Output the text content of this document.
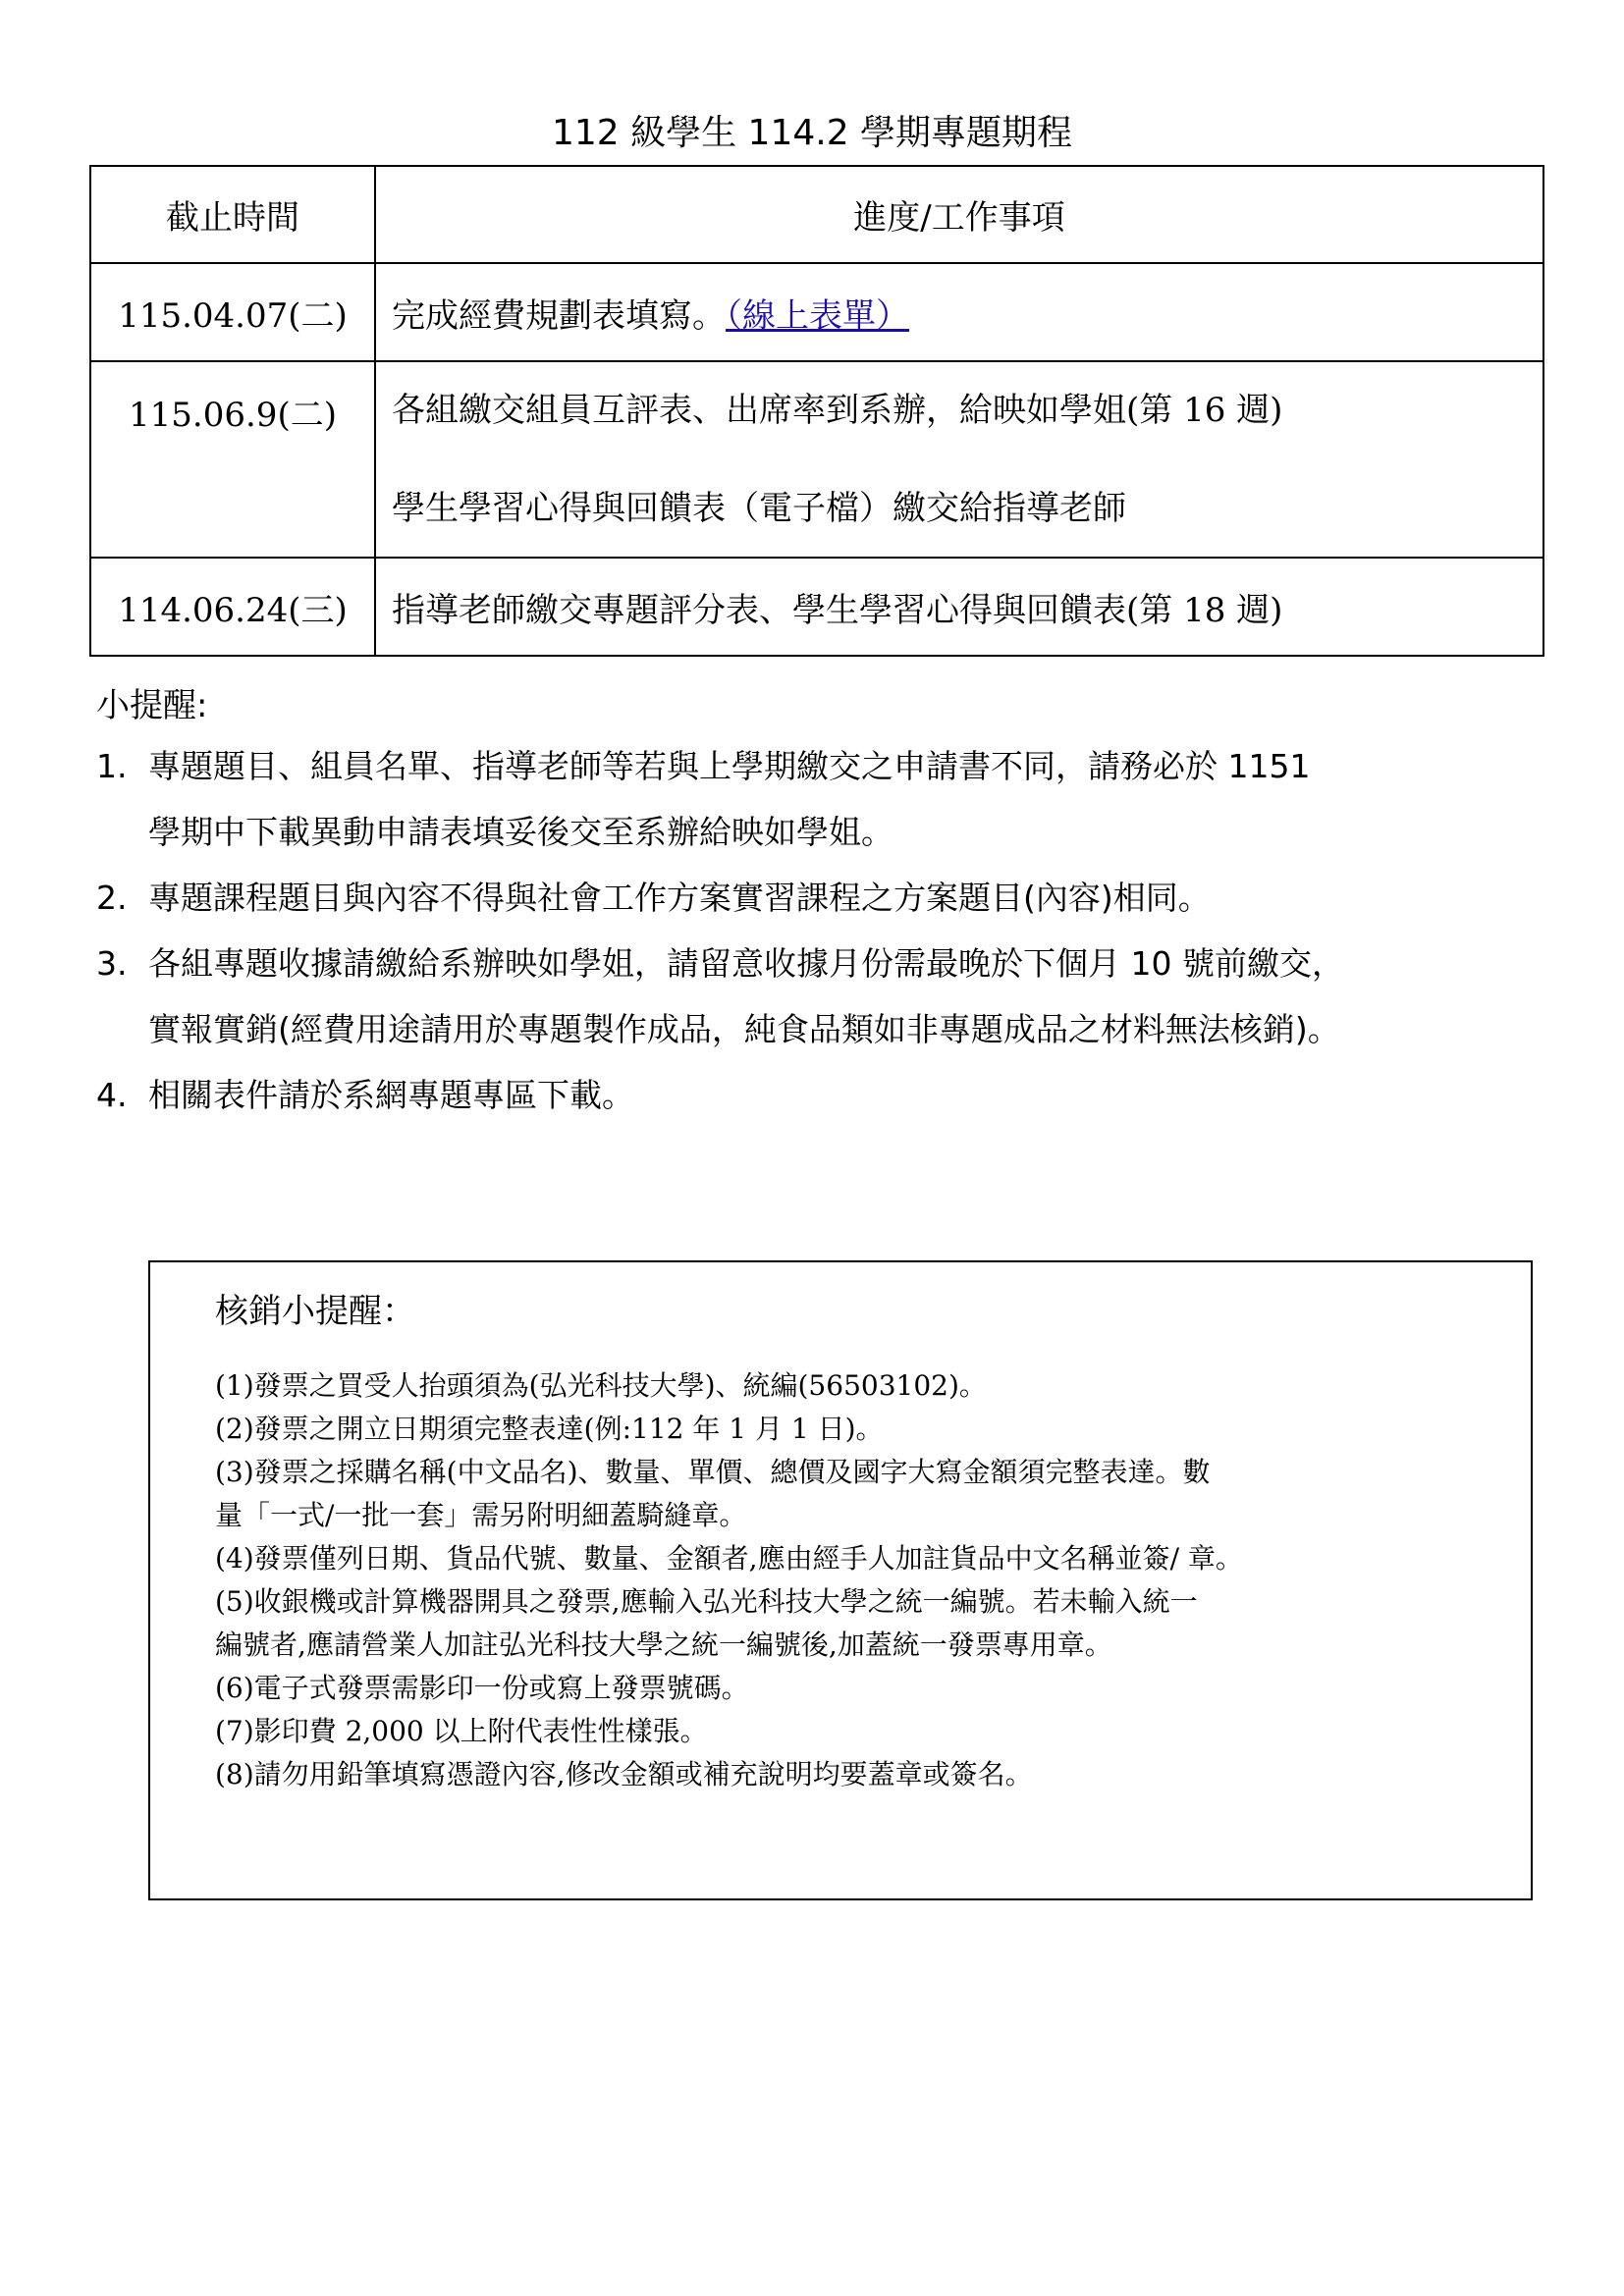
112 級學生 114.2 學期專題期程
截止時間	進度/工作事項
115.04.07(二)	完成經費規劃表填寫。（線上表單）
115.06.9(二)	各組繳交組員互評表、出席率到系辦，給映如學姐(第 16 週)
學生學習心得與回饋表（電子檔）繳交給指導老師

114.06.24(三)	指導老師繳交專題評分表、學生學習心得與回饋表(第 18 週)
小提醒:
1. 專題題目、組員名單、指導老師等若與上學期繳交之申請書不同，請務必於 1151
學期中下載異動申請表填妥後交至系辦給映如學姐。
2. 專題課程題目與內容不得與社會工作方案實習課程之方案題目(內容)相同。
3. 各組專題收據請繳給系辦映如學姐，請留意收據月份需最晚於下個月 10 號前繳交，
實報實銷(經費用途請用於專題製作成品，純食品類如非專題成品之材料無法核銷)。
4. 相關表件請於系網專題專區下載。
核銷小提醒：
(1)發票之買受人抬頭須為(弘光科技大學)、統編(56503102)。
(2)發票之開立日期須完整表達(例:112 年 1 月 1 日)。
(3)發票之採購名稱(中文品名)、數量、單價、總價及國字大寫金額須完整表達。數
量「一式/一批一套」需另附明細蓋騎縫章。
(4)發票僅列日期、貨品代號、數量、金額者,應由經手人加註貨品中文名稱並簽/ 章。
(5)收銀機或計算機器開具之發票,應輸入弘光科技大學之統一編號。若未輸入統一
編號者,應請營業人加註弘光科技大學之統一編號後,加蓋統一發票專用章。
(6)電子式發票需影印一份或寫上發票號碼。
(7)影印費 2,000 以上附代表性性樣張。
(8)請勿用鉛筆填寫憑證內容,修改金額或補充說明均要蓋章或簽名。
